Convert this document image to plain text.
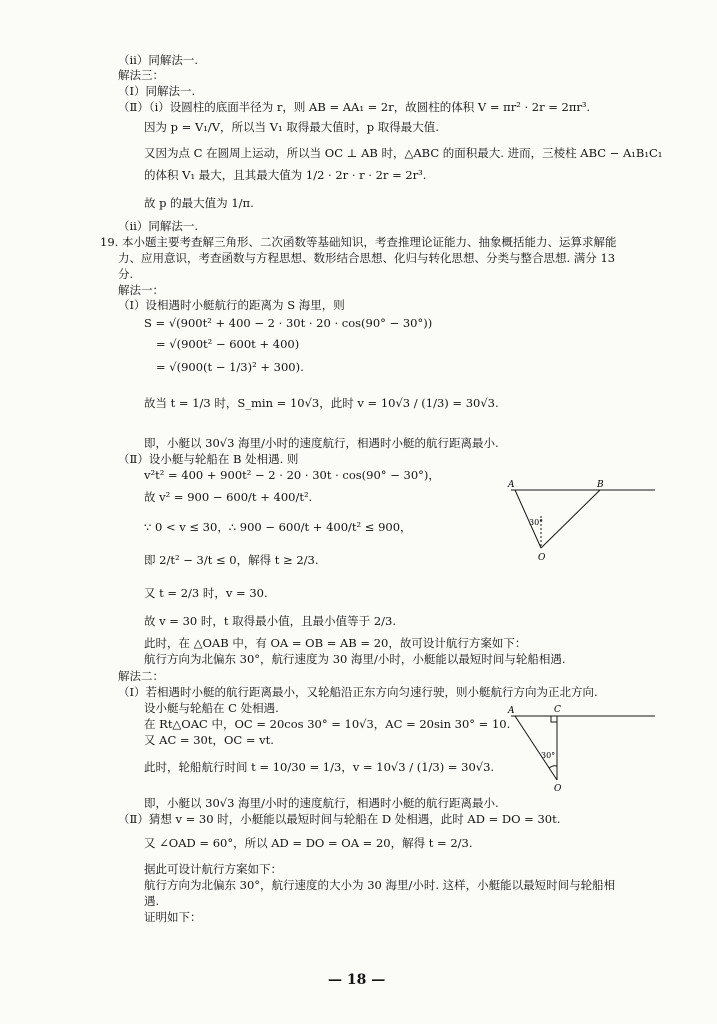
（ⅱ）同解法一.
解法三：
（Ⅰ）同解法一.
（Ⅱ）（ⅰ）设圆柱的底面半径为 r，则 AB = AA₁ = 2r，故圆柱的体积 V = πr² · 2r = 2πr³.
因为 p = V₁/V，所以当 V₁ 取得最大值时，p 取得最大值.
又因为点 C 在圆周上运动，所以当 OC ⊥ AB 时，△ABC 的面积最大. 进而，三棱柱 ABC − A₁B₁C₁
的体积 V₁ 最大，且其最大值为 1/2 · 2r · r · 2r = 2r³.
故 p 的最大值为 1/π.
（ⅱ）同解法一.
19. 本小题主要考查解三角形、二次函数等基础知识，考查推理论证能力、抽象概括能力、运算求解能
力、应用意识，考查函数与方程思想、数形结合思想、化归与转化思想、分类与整合思想. 满分 13
分.
解法一：
（Ⅰ）设相遇时小艇航行的距离为 S 海里，则
S = √(900t² + 400 − 2 · 30t · 20 · cos(90° − 30°))
= √(900t² − 600t + 400)
= √(900(t − 1/3)² + 300).
故当 t = 1/3 时，S_min = 10√3，此时 v = 10√3 / (1/3) = 30√3.
即，小艇以 30√3 海里/小时的速度航行，相遇时小艇的航行距离最小.
（Ⅱ）设小艇与轮船在 B 处相遇. 则
v²t² = 400 + 900t² − 2 · 20 · 30t · cos(90° − 30°)，
故 v² = 900 − 600/t + 400/t².
∵ 0 < v ≤ 30，∴ 900 − 600/t + 400/t² ≤ 900，
即 2/t² − 3/t ≤ 0，解得 t ≥ 2/3.
又 t = 2/3 时，v = 30.
故 v = 30 时，t 取得最小值，且最小值等于 2/3.
此时，在 △OAB 中，有 OA = OB = AB = 20，故可设计航行方案如下：
航行方向为北偏东 30°，航行速度为 30 海里/小时，小艇能以最短时间与轮船相遇.
解法二：
（Ⅰ）若相遇时小艇的航行距离最小，又轮船沿正东方向匀速行驶，则小艇航行方向为正北方向.
设小艇与轮船在 C 处相遇.
在 Rt△OAC 中，OC = 20cos 30° = 10√3，AC = 20sin 30° = 10.
又 AC = 30t，OC = vt.
此时，轮船航行时间 t = 10/30 = 1/3，v = 10√3 / (1/3) = 30√3.
即，小艇以 30√3 海里/小时的速度航行，相遇时小艇的航行距离最小.
（Ⅱ）猜想 v = 30 时，小艇能以最短时间与轮船在 D 处相遇，此时 AD = DO = 30t.
又 ∠OAD = 60°，所以 AD = DO = OA = 20，解得 t = 2/3.
据此可设计航行方案如下：
航行方向为北偏东 30°，航行速度的大小为 30 海里/小时. 这样，小艇能以最短时间与轮船相
遇.
证明如下：
A	B
30°
O
A	C
30°
O
— 18 —
